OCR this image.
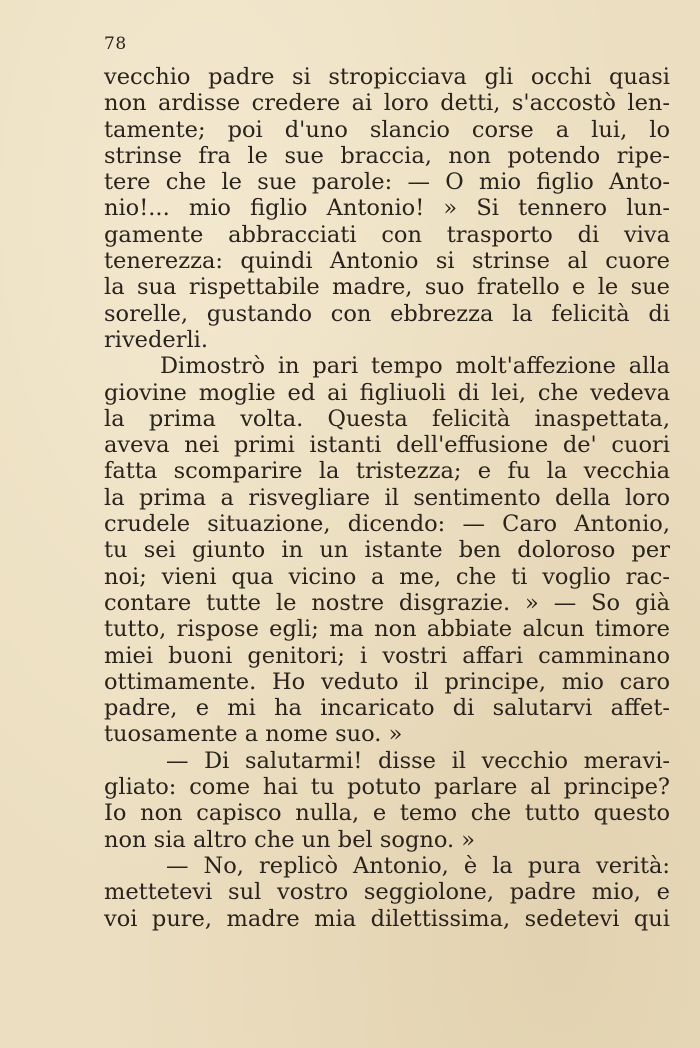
78
vecchio padre si stropicciava gli occhi quasi
non ardisse credere ai loro detti, s'accostò len-
tamente; poi d'uno slancio corse a lui, lo
strinse fra le sue braccia, non potendo ripe-
tere che le sue parole: — O mio figlio Anto-
nio!... mio figlio Antonio! » Si tennero lun-
gamente abbracciati con trasporto di viva
tenerezza: quindi Antonio si strinse al cuore
la sua rispettabile madre, suo fratello e le sue
sorelle, gustando con ebbrezza la felicità di
rivederli.
Dimostrò in pari tempo molt'affezione alla
giovine moglie ed ai figliuoli di lei, che vedeva
la prima volta. Questa felicità inaspettata,
aveva nei primi istanti dell'effusione de' cuori
fatta scomparire la tristezza; e fu la vecchia
la prima a risvegliare il sentimento della loro
crudele situazione, dicendo: — Caro Antonio,
tu sei giunto in un istante ben doloroso per
noi; vieni qua vicino a me, che ti voglio rac-
contare tutte le nostre disgrazie. » — So già
tutto, rispose egli; ma non abbiate alcun timore
miei buoni genitori; i vostri affari camminano
ottimamente. Ho veduto il principe, mio caro
padre, e mi ha incaricato di salutarvi affet-
tuosamente a nome suo. »
— Di salutarmi! disse il vecchio meravi-
gliato: come hai tu potuto parlare al principe?
Io non capisco nulla, e temo che tutto questo
non sia altro che un bel sogno. »
— No, replicò Antonio, è la pura verità:
mettetevi sul vostro seggiolone, padre mio, e
voi pure, madre mia dilettissima, sedetevi qui
